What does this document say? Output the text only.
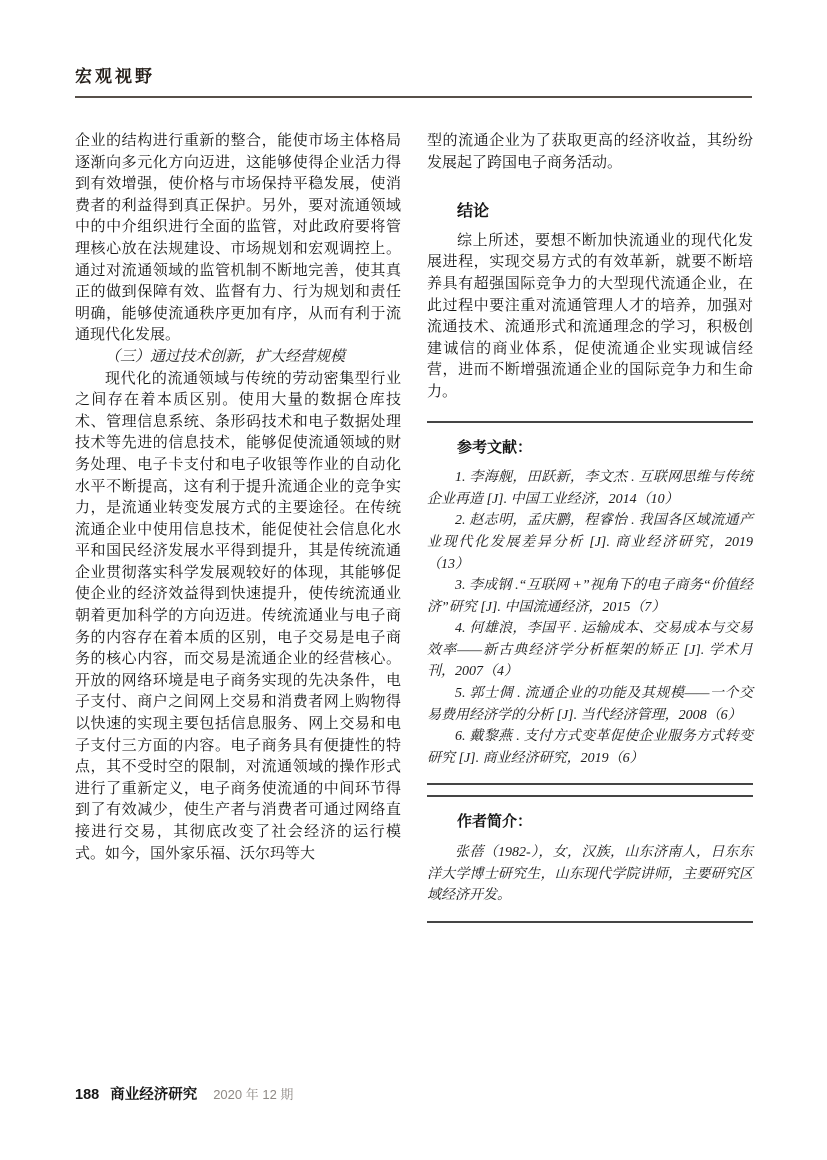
宏观视野

企业的结构进行重新的整合，能使市场主体格局逐渐向多元化方向迈进，这能够使得企业活力得到有效增强，使价格与市场保持平稳发展，使消费者的利益得到真正保护。另外，要对流通领域中的中介组织进行全面的监管，对此政府要将管理核心放在法规建设、市场规划和宏观调控上。通过对流通领域的监管机制不断地完善，使其真正的做到保障有效、监督有力、行为规划和责任明确，能够使流通秩序更加有序，从而有利于流通现代化发展。

（三）通过技术创新，扩大经营规模

现代化的流通领域与传统的劳动密集型行业之间存在着本质区别。使用大量的数据仓库技术、管理信息系统、条形码技术和电子数据处理技术等先进的信息技术，能够促使流通领域的财务处理、电子卡支付和电子收银等作业的自动化水平不断提高，这有利于提升流通企业的竞争实力，是流通业转变发展方式的主要途径。在传统流通企业中使用信息技术，能促使社会信息化水平和国民经济发展水平得到提升，其是传统流通企业贯彻落实科学发展观较好的体现，其能够促使企业的经济效益得到快速提升，使传统流通业朝着更加科学的方向迈进。传统流通业与电子商务的内容存在着本质的区别，电子交易是电子商务的核心内容，而交易是流通企业的经营核心。开放的网络环境是电子商务实现的先决条件，电子支付、商户之间网上交易和消费者网上购物得以快速的实现主要包括信息服务、网上交易和电子支付三方面的内容。电子商务具有便捷性的特点，其不受时空的限制，对流通领域的操作形式进行了重新定义，电子商务使流通的中间环节得到了有效减少，使生产者与消费者可通过网络直接进行交易，其彻底改变了社会经济的运行模式。如今，国外家乐福、沃尔玛等大

型的流通企业为了获取更高的经济收益，其纷纷发展起了跨国电子商务活动。

结论

综上所述，要想不断加快流通业的现代化发展进程，实现交易方式的有效革新，就要不断培养具有超强国际竞争力的大型现代流通企业，在此过程中要注重对流通管理人才的培养，加强对流通技术、流通形式和流通理念的学习，积极创建诚信的商业体系，促使流通企业实现诚信经营，进而不断增强流通企业的国际竞争力和生命力。

参考文献：

1. 李海舰，田跃新，李文杰 . 互联网思维与传统企业再造 [J]. 中国工业经济，2014（10）

2. 赵志明，孟庆鹏，程睿怡 . 我国各区域流通产业现代化发展差异分析 [J]. 商业经济研究，2019（13）

3. 李成钢 .“互联网 +”视角下的电子商务“价值经济”研究 [J]. 中国流通经济，2015（7）

4. 何雄浪，李国平 . 运输成本、交易成本与交易效率——新古典经济学分析框架的矫正 [J]. 学术月刊，2007（4）

5. 郭士倜 . 流通企业的功能及其规模——一个交易费用经济学的分析 [J]. 当代经济管理，2008（6）

6. 戴黎燕 . 支付方式变革促使企业服务方式转变研究 [J]. 商业经济研究，2019（6）

作者简介：

张蓓（1982-），女，汉族，山东济南人，日东东洋大学博士研究生，山东现代学院讲师，主要研究区域经济开发。

188 商业经济研究 2020 年 12 期
